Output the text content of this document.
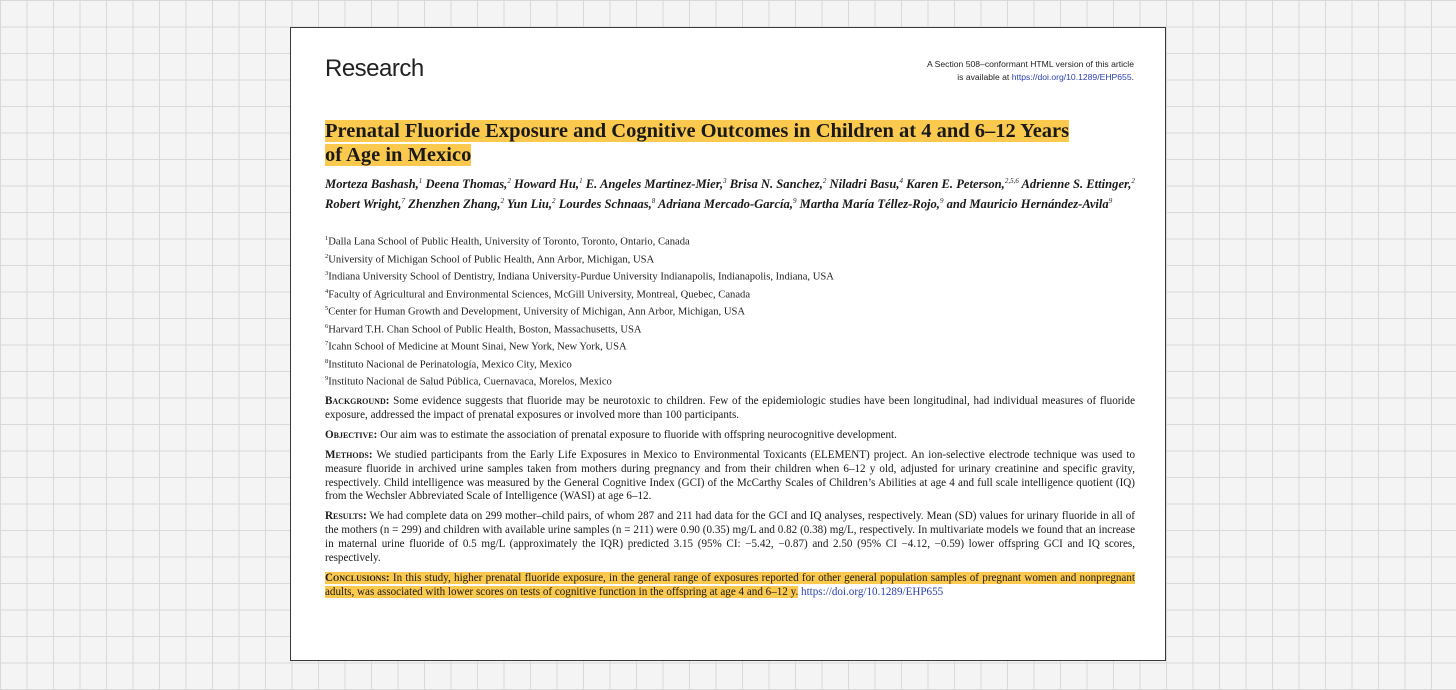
Research	A Section 508–conformant HTML version of this article
is available at https://doi.org/10.1289/EHP655.
Prenatal Fluoride Exposure and Cognitive Outcomes in Children at 4 and 6–12 Years of Age in Mexico
Morteza Bashash,$^1$ Deena Thomas,$^2$ Howard Hu,$^1$ E. Angeles Martinez-Mier,$^3$ Brisa N. Sanchez,$^2$ Niladri Basu,$^4$ Karen E. Peterson,$^{2,5,6}$ Adrienne S. Ettinger,$^2$ Robert Wright,$^7$ Zhenzhen Zhang,$^2$ Yun Liu,$^2$ Lourdes Schnaas,$^8$ Adriana Mercado-García,$^9$ Martha María Téllez-Rojo,$^9$ and Mauricio Hernández-Avila$^9$
$^1$Dalla Lana School of Public Health, University of Toronto, Toronto, Ontario, Canada
$^2$University of Michigan School of Public Health, Ann Arbor, Michigan, USA
$^3$Indiana University School of Dentistry, Indiana University-Purdue University Indianapolis, Indianapolis, Indiana, USA
$^4$Faculty of Agricultural and Environmental Sciences, McGill University, Montreal, Quebec, Canada
$^5$Center for Human Growth and Development, University of Michigan, Ann Arbor, Michigan, USA
$^6$Harvard T.H. Chan School of Public Health, Boston, Massachusetts, USA
$^7$Icahn School of Medicine at Mount Sinai, New York, New York, USA
$^8$Instituto Nacional de Perinatología, Mexico City, Mexico
$^9$Instituto Nacional de Salud Pública, Cuernavaca, Morelos, Mexico

Background: Some evidence suggests that fluoride may be neurotoxic to children. Few of the epidemiologic studies have been longitudinal, had individual measures of fluoride exposure, addressed the impact of prenatal exposures or involved more than 100 participants.

Objective: Our aim was to estimate the association of prenatal exposure to fluoride with offspring neurocognitive development.

Methods: We studied participants from the Early Life Exposures in Mexico to Environmental Toxicants (ELEMENT) project. An ion-selective electrode technique was used to measure fluoride in archived urine samples taken from mothers during pregnancy and from their children when 6–12 y old, adjusted for urinary creatinine and specific gravity, respectively. Child intelligence was measured by the General Cognitive Index (GCI) of the McCarthy Scales of Children’s Abilities at age 4 and full scale intelligence quotient (IQ) from the Wechsler Abbreviated Scale of Intelligence (WASI) at age 6–12.

Results: We had complete data on 299 mother–child pairs, of whom 287 and 211 had data for the GCI and IQ analyses, respectively. Mean (SD) values for urinary fluoride in all of the mothers (n = 299) and children with available urine samples (n = 211) were 0.90 (0.35) mg/L and 0.82 (0.38) mg/L, respectively. In multivariate models we found that an increase in maternal urine fluoride of 0.5 mg/L (approximately the IQR) predicted 3.15 (95% CI: −5.42, −0.87) and 2.50 (95% CI −4.12, −0.59) lower offspring GCI and IQ scores, respectively.

Conclusions: In this study, higher prenatal fluoride exposure, in the general range of exposures reported for other general population samples of pregnant women and nonpregnant adults, was associated with lower scores on tests of cognitive function in the offspring at age 4 and 6–12 y. https://doi.org/10.1289/EHP655
